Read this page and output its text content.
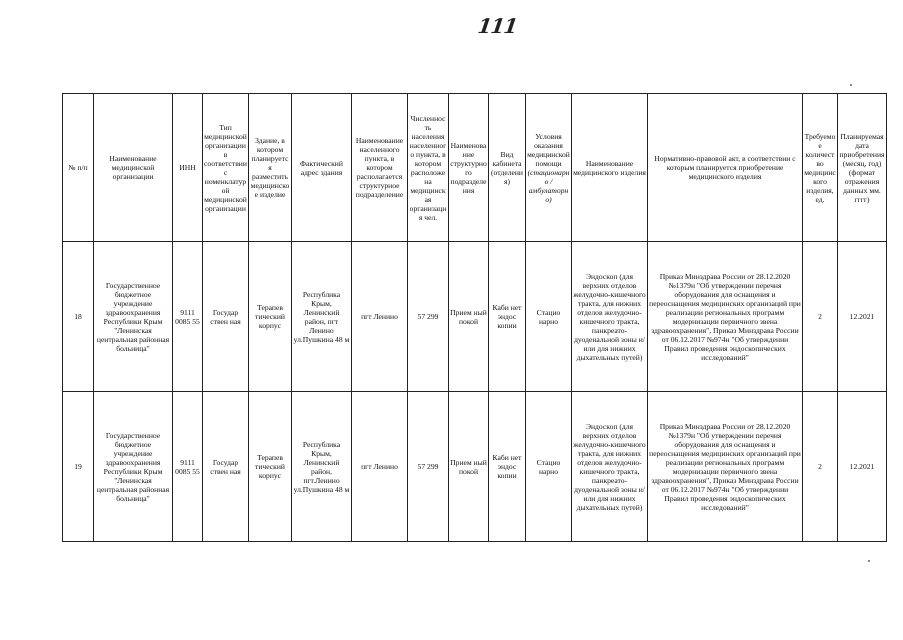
111
№ п/п	Наименование медицинской организации	ИНН	Тип медицинской организации в соответствии с номенклатурой медицинской организации	Здание, в котором планируется разместить медицинское изделие	Фактический адрес здания	Наименование населенного пункта, в котором располагается структурное подразделение	Численность населения населенного пункта, в котором расположена медицинская организация чел.	Наименование структурного подразделения	Вид кабинета (отделения)	Условия оказания медицинской помощи (стационарно / амбулаторно)	Наименование медицинского изделия	Нормативно-правовой акт, в соответствии с которым планируется приобретение медицинского изделия	Требуемое количество медицинского изделия, ед.	Планируемая дата приобретения (месяц, год) (формат отражения данных мм. гггг)
18	Государственное бюджетное учреждение здравоохранения Республики Крым "Ленинская центральная районная больница"	9111 0085 55	Государ ствен ная	Терапев тический корпус	Республика Крым, Ленинский район, пгт Ленино ул.Пушкина 48 м	пгт Ленино	57 299	Прием ный покой	Каби нет эндос копии	Стацио нарно	Эндоскоп (для верхних отделов желудочно-кишечного тракта, для нижних отделов желудочно-кишечного тракта, панкреато-дуоденальной зоны и/или для нижних дыхательных путей)	Приказ Минздрава России от 28.12.2020 №1379н "Об утверждении перечня оборудования для оснащения и переоснащения медицинских организаций при реализации региональных программ модернизации первичного звена здравоохранения", Приказ Минздрава России от 06.12.2017 №974н "Об утверждении Правил проведения эндоскопических исследований"	2	12.2021
19	Государственное бюджетное учреждение здравоохранения Республики Крым "Ленинская центральная районная больница"	9111 0085 55	Государ ствен ная	Терапев тический корпус	Республика Крым, Ленинский район, пгт.Ленино ул.Пушкина 48 м	пгт Ленино	57 299	Прием ный покой	Каби нет эндос копии	Стацио нарно	Эндоскоп (для верхних отделов желудочно-кишечного тракта, для нижних отделов желудочно-кишечного тракта, панкреато-дуоденальной зоны и/или для нижних дыхательных путей)	Приказ Минздрава России от 28.12.2020 №1379н "Об утверждении перечня оборудования для оснащения и переоснащения медицинских организаций при реализации региональных программ модернизации первичного звена здравоохранения", Приказ Минздрава России от 06.12.2017 №974н "Об утверждении Правил проведения эндоскопических исследований"	2	12.2021
